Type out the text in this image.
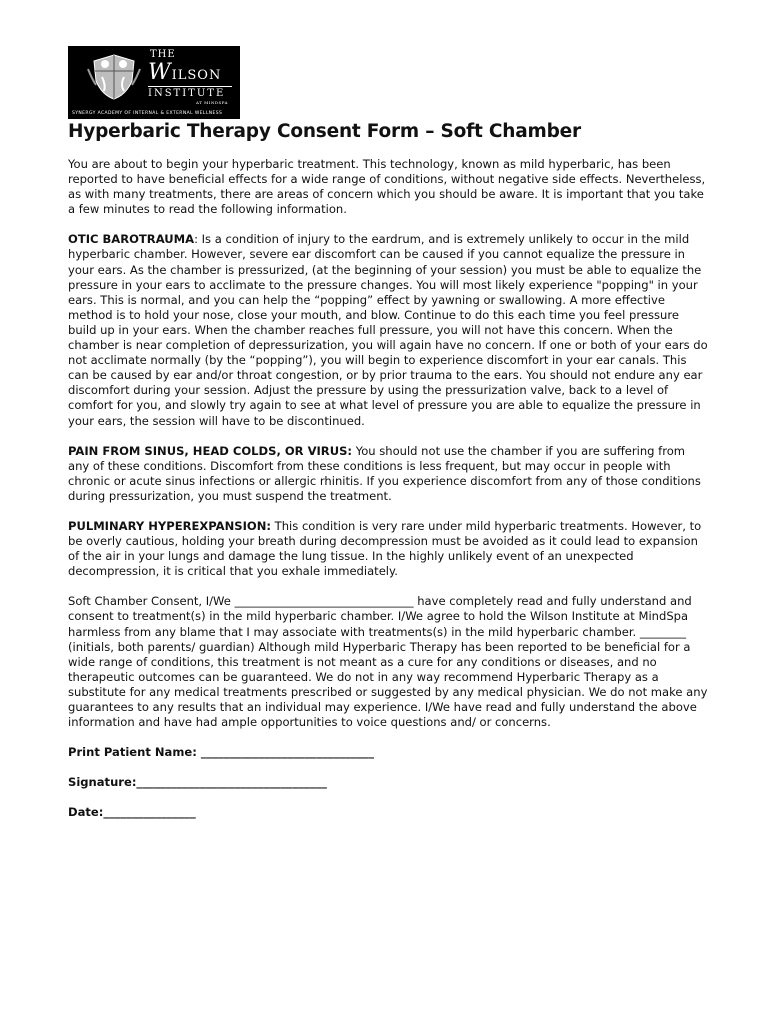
THE
WILSON
INSTITUTE
AT MINDSPA
SYNERGY ACADEMY OF INTERNAL & EXTERNAL WELLNESS
Hyperbaric Therapy Consent Form – Soft Chamber

You are about to begin your hyperbaric treatment. This technology, known as mild hyperbaric, has been reported to have beneficial effects for a wide range of conditions, without negative side effects. Nevertheless, as with many treatments, there are areas of concern which you should be aware. It is important that you take a few minutes to read the following information.

OTIC BAROTRAUMA: Is a condition of injury to the eardrum, and is extremely unlikely to occur in the mild hyperbaric chamber. However, severe ear discomfort can be caused if you cannot equalize the pressure in your ears. As the chamber is pressurized, (at the beginning of your session) you must be able to equalize the pressure in your ears to acclimate to the pressure changes. You will most likely experience "popping" in your ears. This is normal, and you can help the “popping” effect by yawning or swallowing. A more effective method is to hold your nose, close your mouth, and blow. Continue to do this each time you feel pressure build up in your ears. When the chamber reaches full pressure, you will not have this concern. When the chamber is near completion of depressurization, you will again have no concern. If one or both of your ears do not acclimate normally (by the “popping”), you will begin to experience discomfort in your ear canals. This can be caused by ear and/or throat congestion, or by prior trauma to the ears. You should not endure any ear discomfort during your session. Adjust the pressure by using the pressurization valve, back to a level of comfort for you, and slowly try again to see at what level of pressure you are able to equalize the pressure in your ears, the session will have to be discontinued.

PAIN FROM SINUS, HEAD COLDS, OR VIRUS: You should not use the chamber if you are suffering from any of these conditions. Discomfort from these conditions is less frequent, but may occur in people with chronic or acute sinus infections or allergic rhinitis. If you experience discomfort from any of those conditions during pressurization, you must suspend the treatment.

PULMINARY HYPEREXPANSION: This condition is very rare under mild hyperbaric treatments. However, to be overly cautious, holding your breath during decompression must be avoided as it could lead to expansion of the air in your lungs and damage the lung tissue. In the highly unlikely event of an unexpected decompression, it is critical that you exhale immediately.

Soft Chamber Consent, I/We _______________________________ have completely read and fully understand and consent to treatment(s) in the mild hyperbaric chamber. I/We agree to hold the Wilson Institute at MindSpa harmless from any blame that I may associate with treatments(s) in the mild hyperbaric chamber. ________ (initials, both parents/ guardian) Although mild Hyperbaric Therapy has been reported to be beneficial for a wide range of conditions, this treatment is not meant as a cure for any conditions or diseases, and no therapeutic outcomes can be guaranteed. We do not in any way recommend Hyperbaric Therapy as a substitute for any medical treatments prescribed or suggested by any medical physician. We do not make any guarantees to any results that an individual may experience. I/We have read and fully understand the above information and have had ample opportunities to voice questions and/ or concerns.

Print Patient Name: ______________________________
Signature:_________________________________
Date:________________
